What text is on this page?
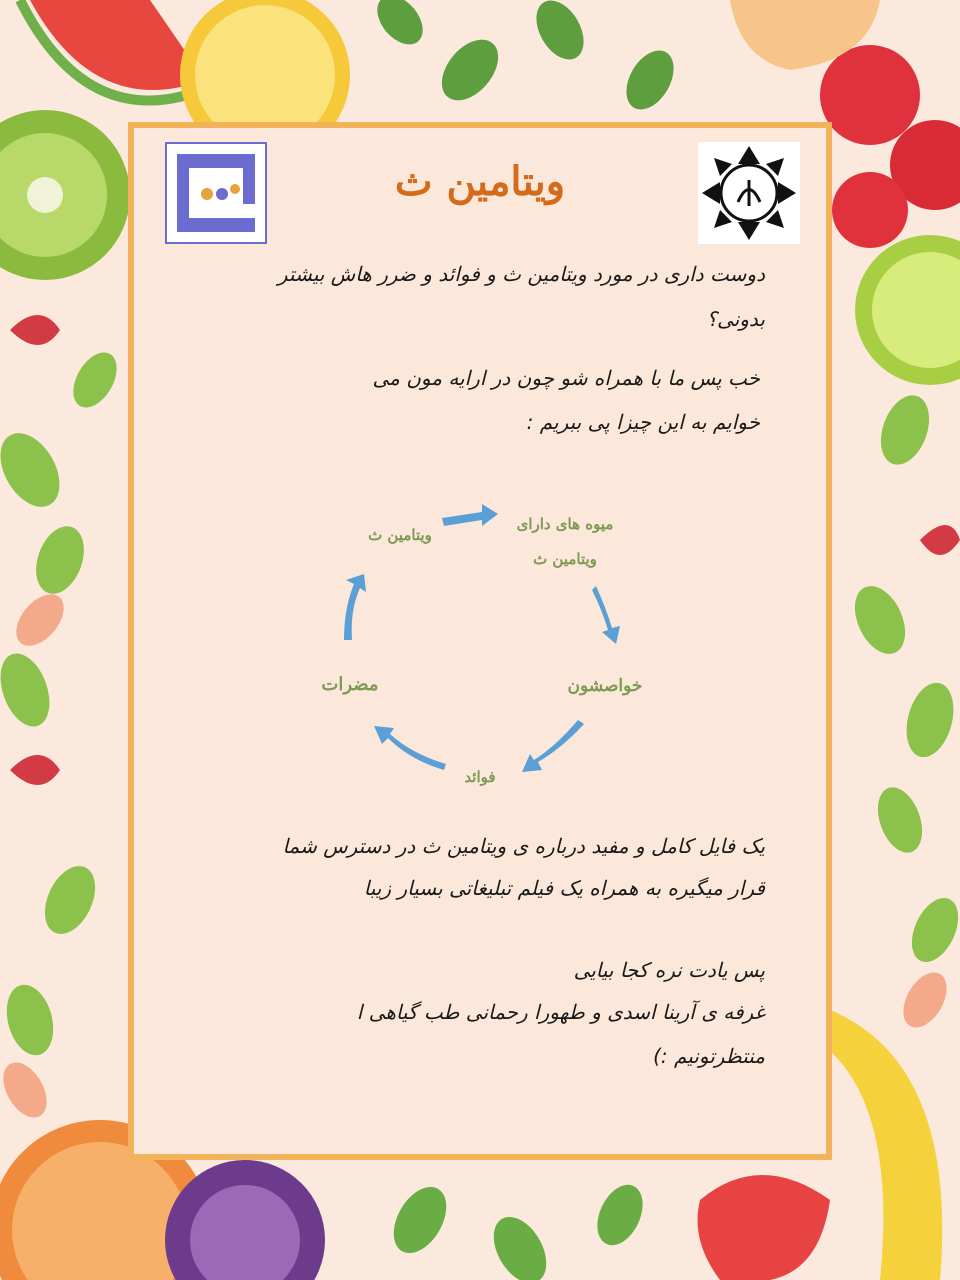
ویتامین ث
دوست داری در مورد ویتامین ث و فوائد و ضرر هاش بیشتر
بدونی؟
خب پس ما با همراه شو چون در ارایه مون می
خوایم به این چیزا پی ببریم :
ویتامین ث
میوه های دارای
ویتامین ث
خواصشون
فوائد
مضرات
یک فایل کامل و مفید درباره ی ویتامین ث در دسترس شما
قرار میگیره به همراه یک فیلم تبلیغاتی بسیار زیبا
پس یادت نره کجا بیایی
غرفه ی آرینا اسدی و طهورا رحمانی طب گیاهی ا
منتظرتونیم :)
